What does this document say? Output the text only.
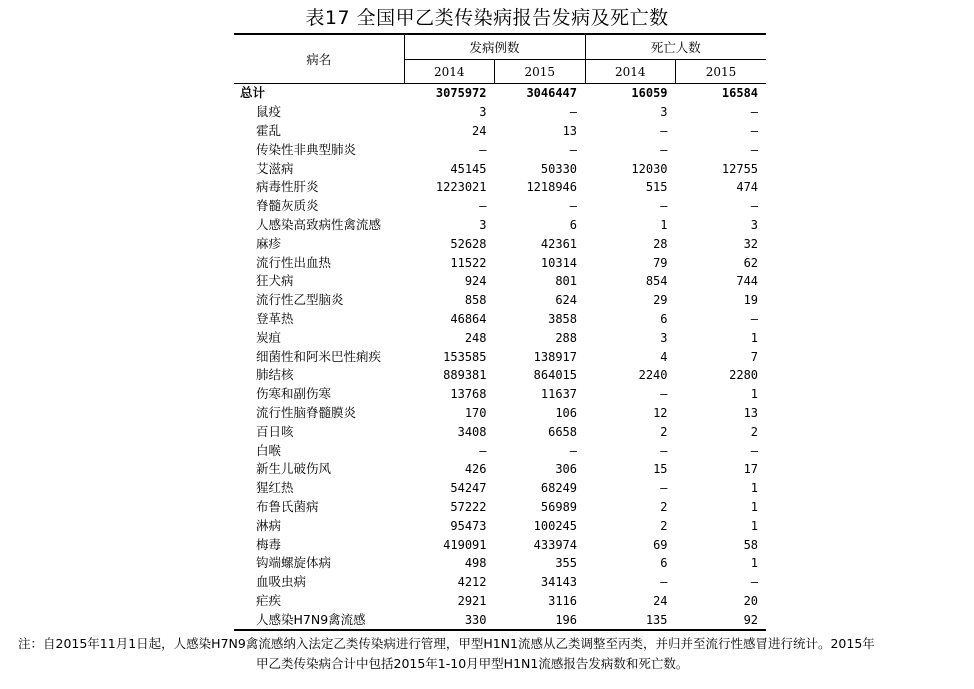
表17 全国甲乙类传染病报告发病及死亡数
病名	发病例数		死亡人数	
	2014	2015	2014	2015
总计	3075972	3046447	16059	16584
鼠疫	3	–	3	–
霍乱	24	13	–	–
传染性非典型肺炎	–	–	–	–
艾滋病	45145	50330	12030	12755
病毒性肝炎	1223021	1218946	515	474
脊髓灰质炎	–	–	–	–
人感染高致病性禽流感	3	6	1	3
麻疹	52628	42361	28	32
流行性出血热	11522	10314	79	62
狂犬病	924	801	854	744
流行性乙型脑炎	858	624	29	19
登革热	46864	3858	6	–
炭疽	248	288	3	1
细菌性和阿米巴性痢疾	153585	138917	4	7
肺结核	889381	864015	2240	2280
伤寒和副伤寒	13768	11637	–	1
流行性脑脊髓膜炎	170	106	12	13
百日咳	3408	6658	2	2
白喉	–	–	–	–
新生儿破伤风	426	306	15	17
猩红热	54247	68249	–	1
布鲁氏菌病	57222	56989	2	1
淋病	95473	100245	2	1
梅毒	419091	433974	69	58
钩端螺旋体病	498	355	6	1
血吸虫病	4212	34143	–	–
疟疾	2921	3116	24	20
人感染H7N9禽流感	330	196	135	92
注：自2015年11月1日起，人感染H7N9禽流感纳入法定乙类传染病进行管理，甲型H1N1流感从乙类调整至丙类，并归并至流行性感冒进行统计。2015年
甲乙类传染病合计中包括2015年1-10月甲型H1N1流感报告发病数和死亡数。
